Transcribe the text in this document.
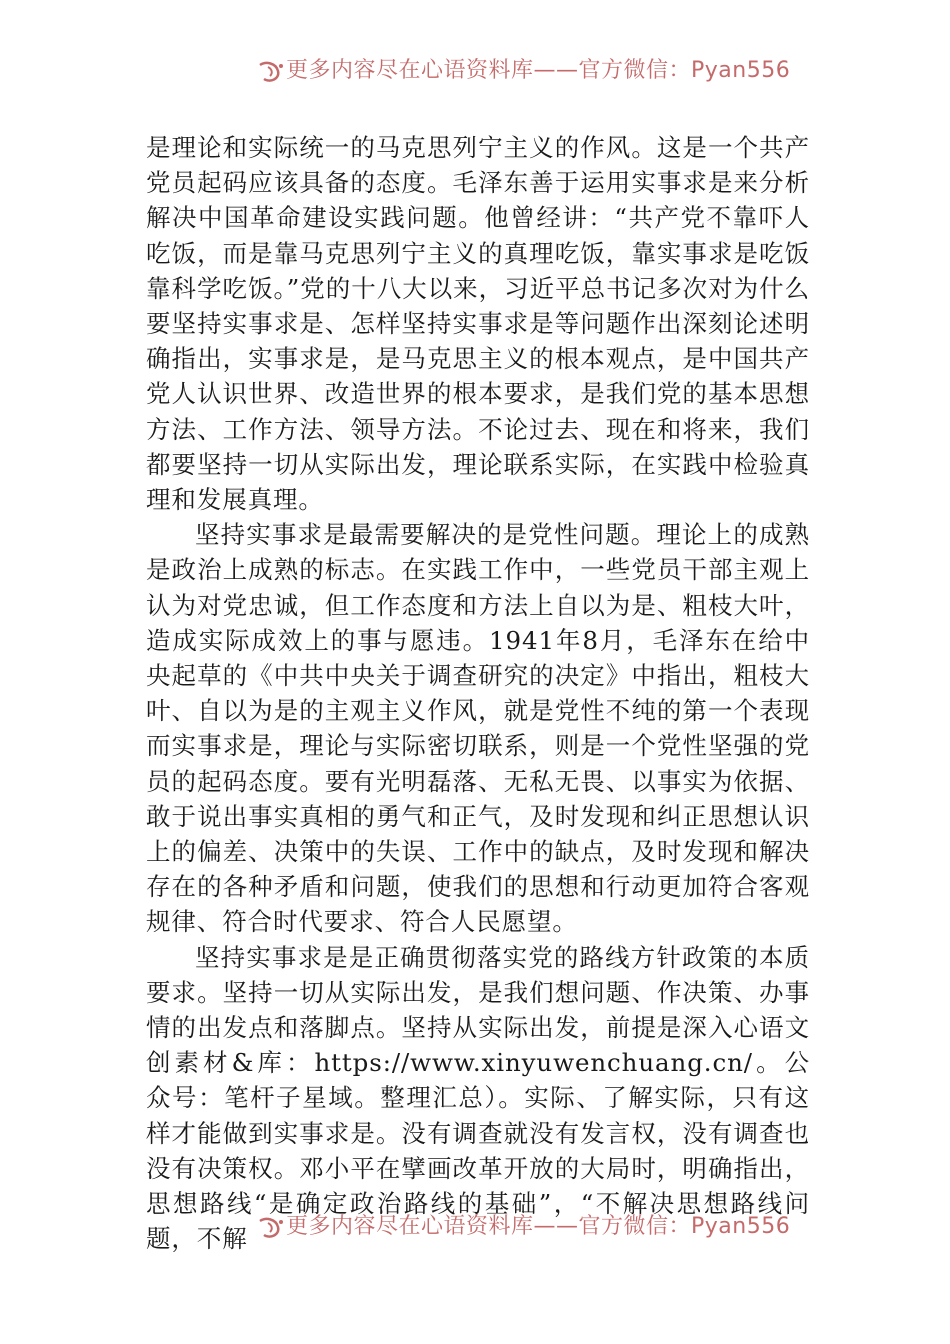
更多内容尽在心语资料库——官方微信：Pyan556

是理论和实际统一的马克思列宁主义的作风。这是一个共产党员起码应该具备的态度。毛泽东善于运用实事求是来分析解决中国革命建设实践问题。他曾经讲：“共产党不靠吓人吃饭，而是靠马克思列宁主义的真理吃饭，靠实事求是吃饭靠科学吃饭。”党的十八大以来，习近平总书记多次对为什么要坚持实事求是、怎样坚持实事求是等问题作出深刻论述明确指出，实事求是，是马克思主义的根本观点，是中国共产党人认识世界、改造世界的根本要求，是我们党的基本思想方法、工作方法、领导方法。不论过去、现在和将来，我们都要坚持一切从实际出发，理论联系实际，在实践中检验真理和发展真理。

坚持实事求是最需要解决的是党性问题。理论上的成熟是政治上成熟的标志。在实践工作中，一些党员干部主观上认为对党忠诚，但工作态度和方法上自以为是、粗枝大叶，造成实际成效上的事与愿违。1941年8月，毛泽东在给中央起草的《中共中央关于调查研究的决定》中指出，粗枝大叶、自以为是的主观主义作风，就是党性不纯的第一个表现而实事求是，理论与实际密切联系，则是一个党性坚强的党员的起码态度。要有光明磊落、无私无畏、以事实为依据、敢于说出事实真相的勇气和正气，及时发现和纠正思想认识上的偏差、决策中的失误、工作中的缺点，及时发现和解决存在的各种矛盾和问题，使我们的思想和行动更加符合客观规律、符合时代要求、符合人民愿望。

坚持实事求是是正确贯彻落实党的路线方针政策的本质要求。坚持一切从实际出发，是我们想问题、作决策、办事情的出发点和落脚点。坚持从实际出发，前提是深入心语文创素材&库：https://www.xinyuwenchuang.cn/。公众号：笔杆子星域。整理汇总）。实际、了解实际，只有这样才能做到实事求是。没有调查就没有发言权，没有调查也没有决策权。邓小平在擘画改革开放的大局时，明确指出，思想路线“是确定政治路线的基础”，“不解决思想路线问题，不解	更多内容尽在心语资料库——官方微信：Pyan556
